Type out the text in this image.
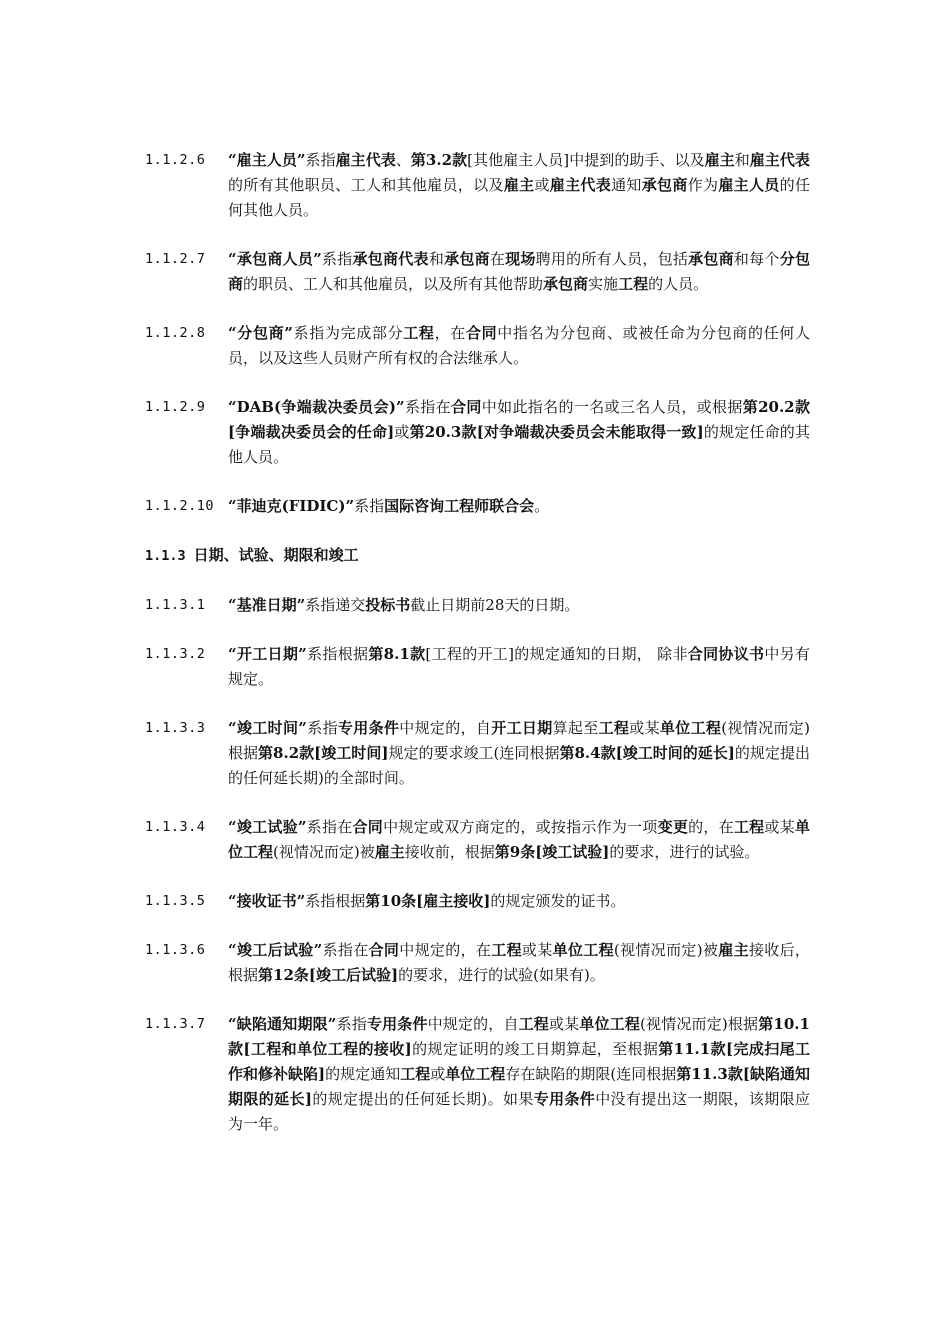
1.1.2.6	“雇主人员”系指雇主代表、第3.2款[其他雇主人员]中提到的助手、以及雇主和雇主代表的所有其他职员、工人和其他雇员，以及雇主或雇主代表通知承包商作为雇主人员的任何其他人员。
1.1.2.7	“承包商人员”系指承包商代表和承包商在现场聘用的所有人员，包括承包商和每个分包商的职员、工人和其他雇员，以及所有其他帮助承包商实施工程的人员。
1.1.2.8	“分包商”系指为完成部分工程，在合同中指名为分包商、或被任命为分包商的任何人员，以及这些人员财产所有权的合法继承人。
1.1.2.9	“DAB(争端裁决委员会)”系指在合同中如此指名的一名或三名人员，或根据第20.2款[争端裁决委员会的任命]或第20.3款[对争端裁决委员会未能取得一致]的规定任命的其他人员。
1.1.2.10 “菲迪克(FIDIC)”系指国际咨询工程师联合会。
1.1.3 日期、试验、期限和竣工
1.1.3.1	“基准日期”系指递交投标书截止日期前28天的日期。
1.1.3.2	“开工日期”系指根据第8.1款[工程的开工]的规定通知的日期， 除非合同协议书中另有规定。
1.1.3.3	“竣工时间”系指专用条件中规定的，自开工日期算起至工程或某单位工程(视情况而定)根据第8.2款[竣工时间]规定的要求竣工(连同根据第8.4款[竣工时间的延长]的规定提出的任何延长期)的全部时间。
1.1.3.4	“竣工试验”系指在合同中规定或双方商定的，或按指示作为一项变更的，在工程或某单位工程(视情况而定)被雇主接收前，根据第9条[竣工试验]的要求，进行的试验。
1.1.3.5	“接收证书”系指根据第10条[雇主接收]的规定颁发的证书。
1.1.3.6	“竣工后试验”系指在合同中规定的，在工程或某单位工程(视情况而定)被雇主接收后，根据第12条[竣工后试验]的要求，进行的试验(如果有)。
1.1.3.7	“缺陷通知期限”系指专用条件中规定的，自工程或某单位工程(视情况而定)根据第10.1款[工程和单位工程的接收]的规定证明的竣工日期算起，至根据第11.1款[完成扫尾工作和修补缺陷]的规定通知工程或单位工程存在缺陷的期限(连同根据第11.3款[缺陷通知期限的延长]的规定提出的任何延长期)。如果专用条件中没有提出这一期限，该期限应为一年。
